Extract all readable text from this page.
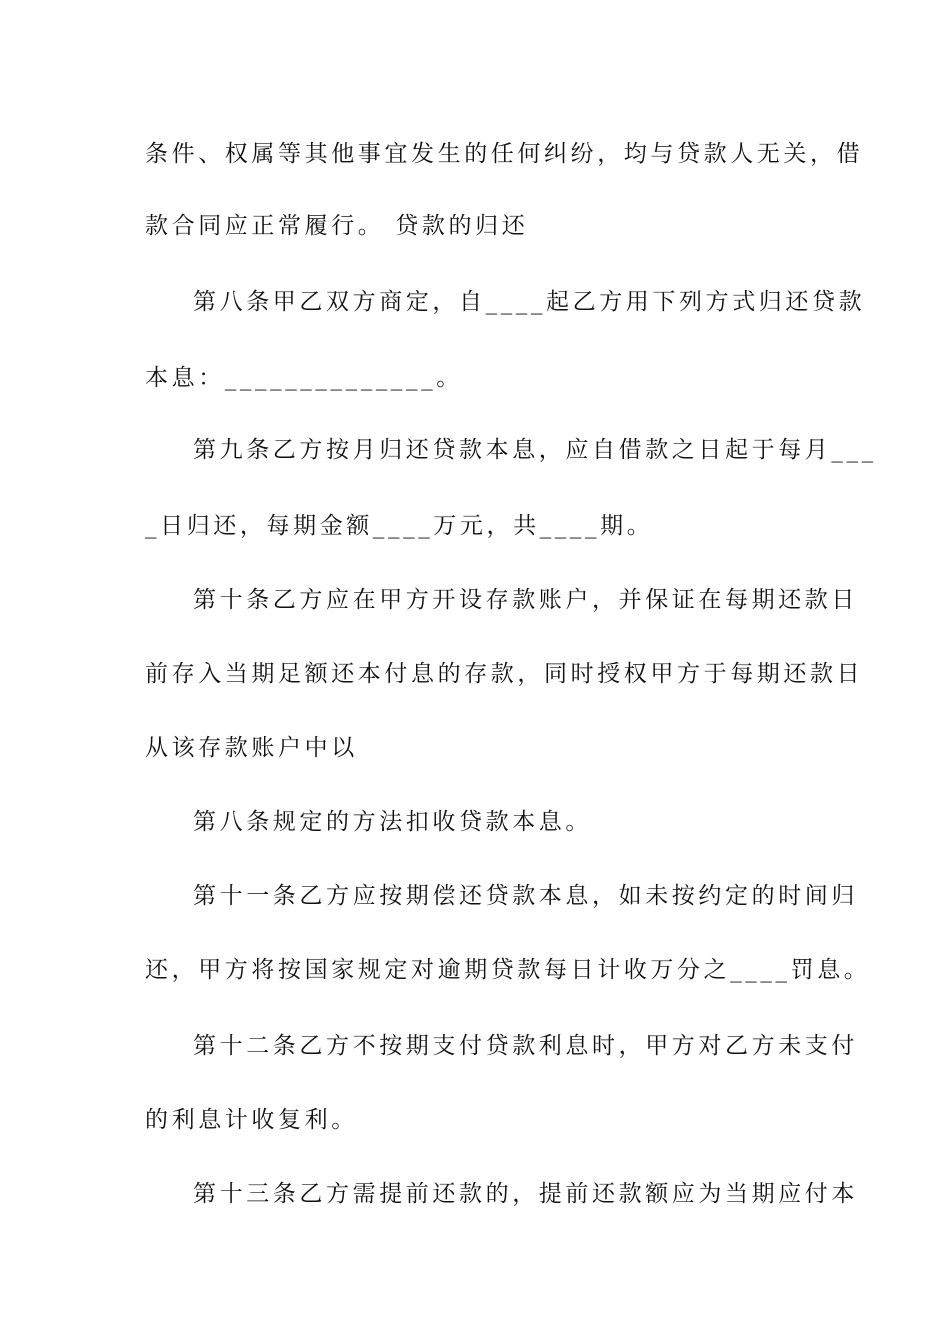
条件、权属等其他事宜发生的任何纠纷，均与贷款人无关，借
款合同应正常履行。 贷款的归还
第八条甲乙双方商定，自____起乙方用下列方式归还贷款
本息：______________。
第九条乙方按月归还贷款本息，应自借款之日起于每月___
_日归还，每期金额____万元，共____期。
第十条乙方应在甲方开设存款账户，并保证在每期还款日
前存入当期足额还本付息的存款，同时授权甲方于每期还款日
从该存款账户中以
第八条规定的方法扣收贷款本息。
第十一条乙方应按期偿还贷款本息，如未按约定的时间归
还，甲方将按国家规定对逾期贷款每日计收万分之____罚息。
第十二条乙方不按期支付贷款利息时，甲方对乙方未支付
的利息计收复利。
第十三条乙方需提前还款的，提前还款额应为当期应付本
